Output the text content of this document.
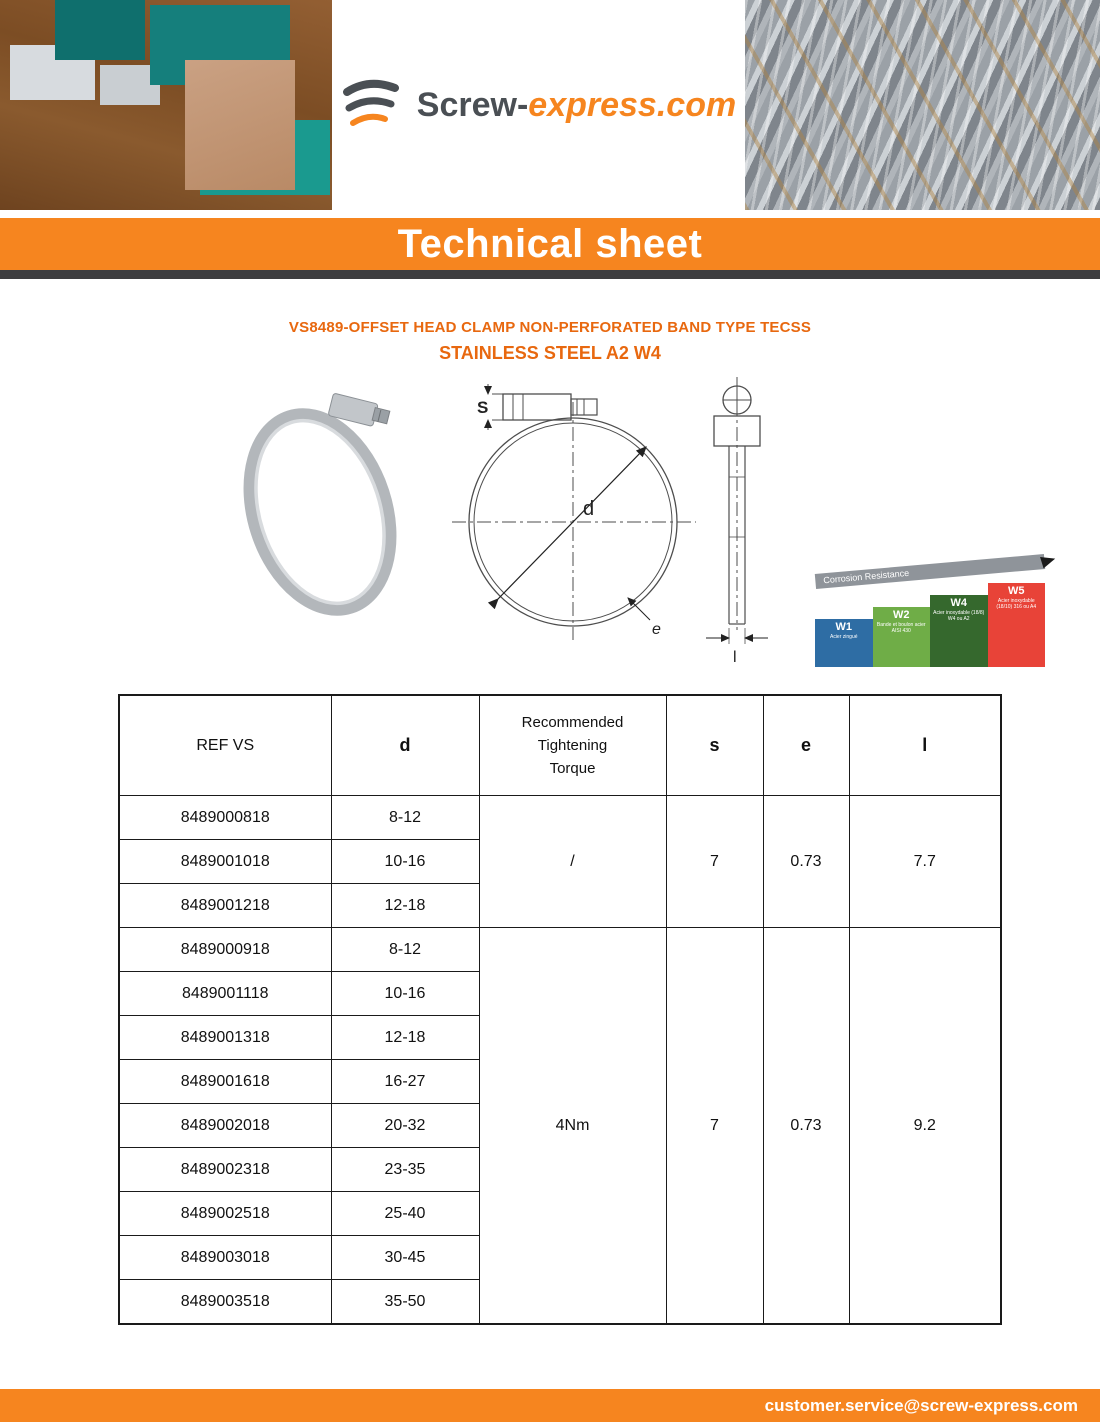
Screw-express.com
Technical sheet
VS8489-OFFSET HEAD CLAMP NON-PERFORATED BAND TYPE TECSS
STAINLESS STEEL A2 W4
S
d
e
l
Corrosion Resistance
W1
Acier zingué
W2
Bande et boulon acier AISI 430
W4
Acier inoxydable (18/8) W4 ou A2
W5
Acier inoxydable (18/10) 316 ou A4
REF VS	d	Recommended Tightening Torque	s	e	l
8489000818	8-12	/	7	0.73	7.7
8489001018	10-16				
8489001218	12-18				
8489000918	8-12	4Nm	7	0.73	9.2
8489001118	10-16				
8489001318	12-18				
8489001618	16-27				
8489002018	20-32				
8489002318	23-35				
8489002518	25-40				
8489003018	30-45				
8489003518	35-50				
customer.service@screw-express.com
